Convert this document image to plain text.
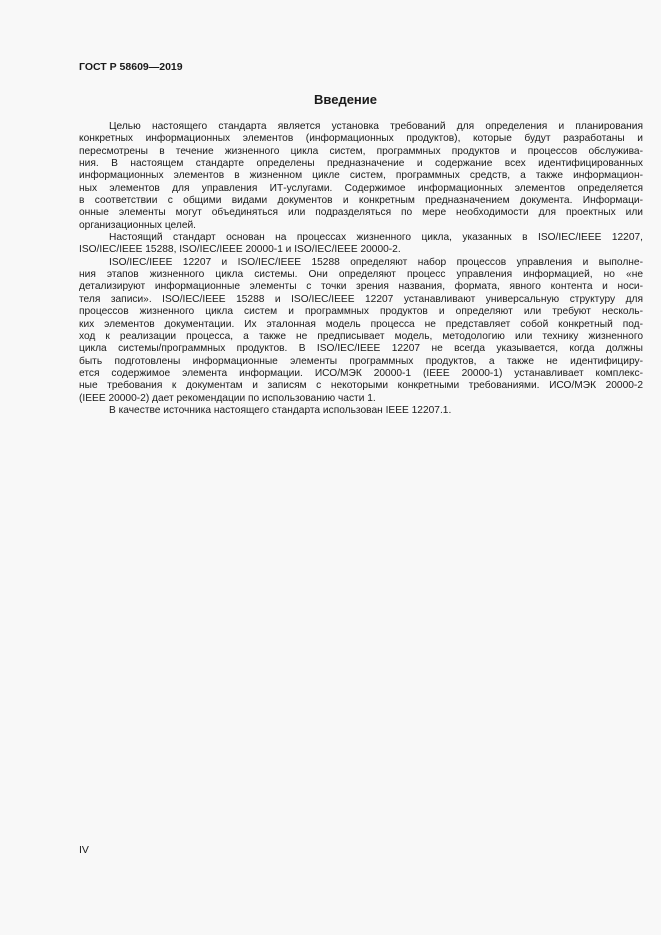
ГОСТ Р 58609—2019
Введение
Целью настоящего стандарта является установка требований для определения и планирования
конкретных информационных элементов (информационных продуктов), которые будут разработаны и
пересмотрены в течение жизненного цикла систем, программных продуктов и процессов обслужива-
ния. В настоящем стандарте определены предназначение и содержание всех идентифицированных
информационных элементов в жизненном цикле систем, программных средств, а также информацион-
ных элементов для управления ИТ-услугами. Содержимое информационных элементов определяется
в соответствии с общими видами документов и конкретным предназначением документа. Информаци-
онные элементы могут объединяться или подразделяться по мере необходимости для проектных или
организационных целей.
Настоящий стандарт основан на процессах жизненного цикла, указанных в ISO/IEC/IEEE 12207,
ISO/IEC/IEEE 15288, ISO/IEC/IEEE 20000-1 и ISO/IEC/IEEE 20000-2.
ISO/IEC/IEEE 12207 и ISO/IEC/IEEE 15288 определяют набор процессов управления и выполне-
ния этапов жизненного цикла системы. Они определяют процесс управления информацией, но «не
детализируют информационные элементы с точки зрения названия, формата, явного контента и носи-
теля записи». ISO/IEC/IEEE 15288 и ISO/IEC/IEEE 12207 устанавливают универсальную структуру для
процессов жизненного цикла систем и программных продуктов и определяют или требуют несколь-
ких элементов документации. Их эталонная модель процесса не представляет собой конкретный под-
ход к реализации процесса, а также не предписывает модель, методологию или технику жизненного
цикла системы/программных продуктов. В ISO/IEC/IEEE 12207 не всегда указывается, когда должны
быть подготовлены информационные элементы программных продуктов, а также не идентифициру-
ется содержимое элемента информации. ИСО/МЭК 20000-1 (IEEE 20000-1) устанавливает комплекс-
ные требования к документам и записям с некоторыми конкретными требованиями. ИСО/МЭК 20000-2
(IEEE 20000-2) дает рекомендации по использованию части 1.
В качестве источника настоящего стандарта использован IEEE 12207.1.
IV
